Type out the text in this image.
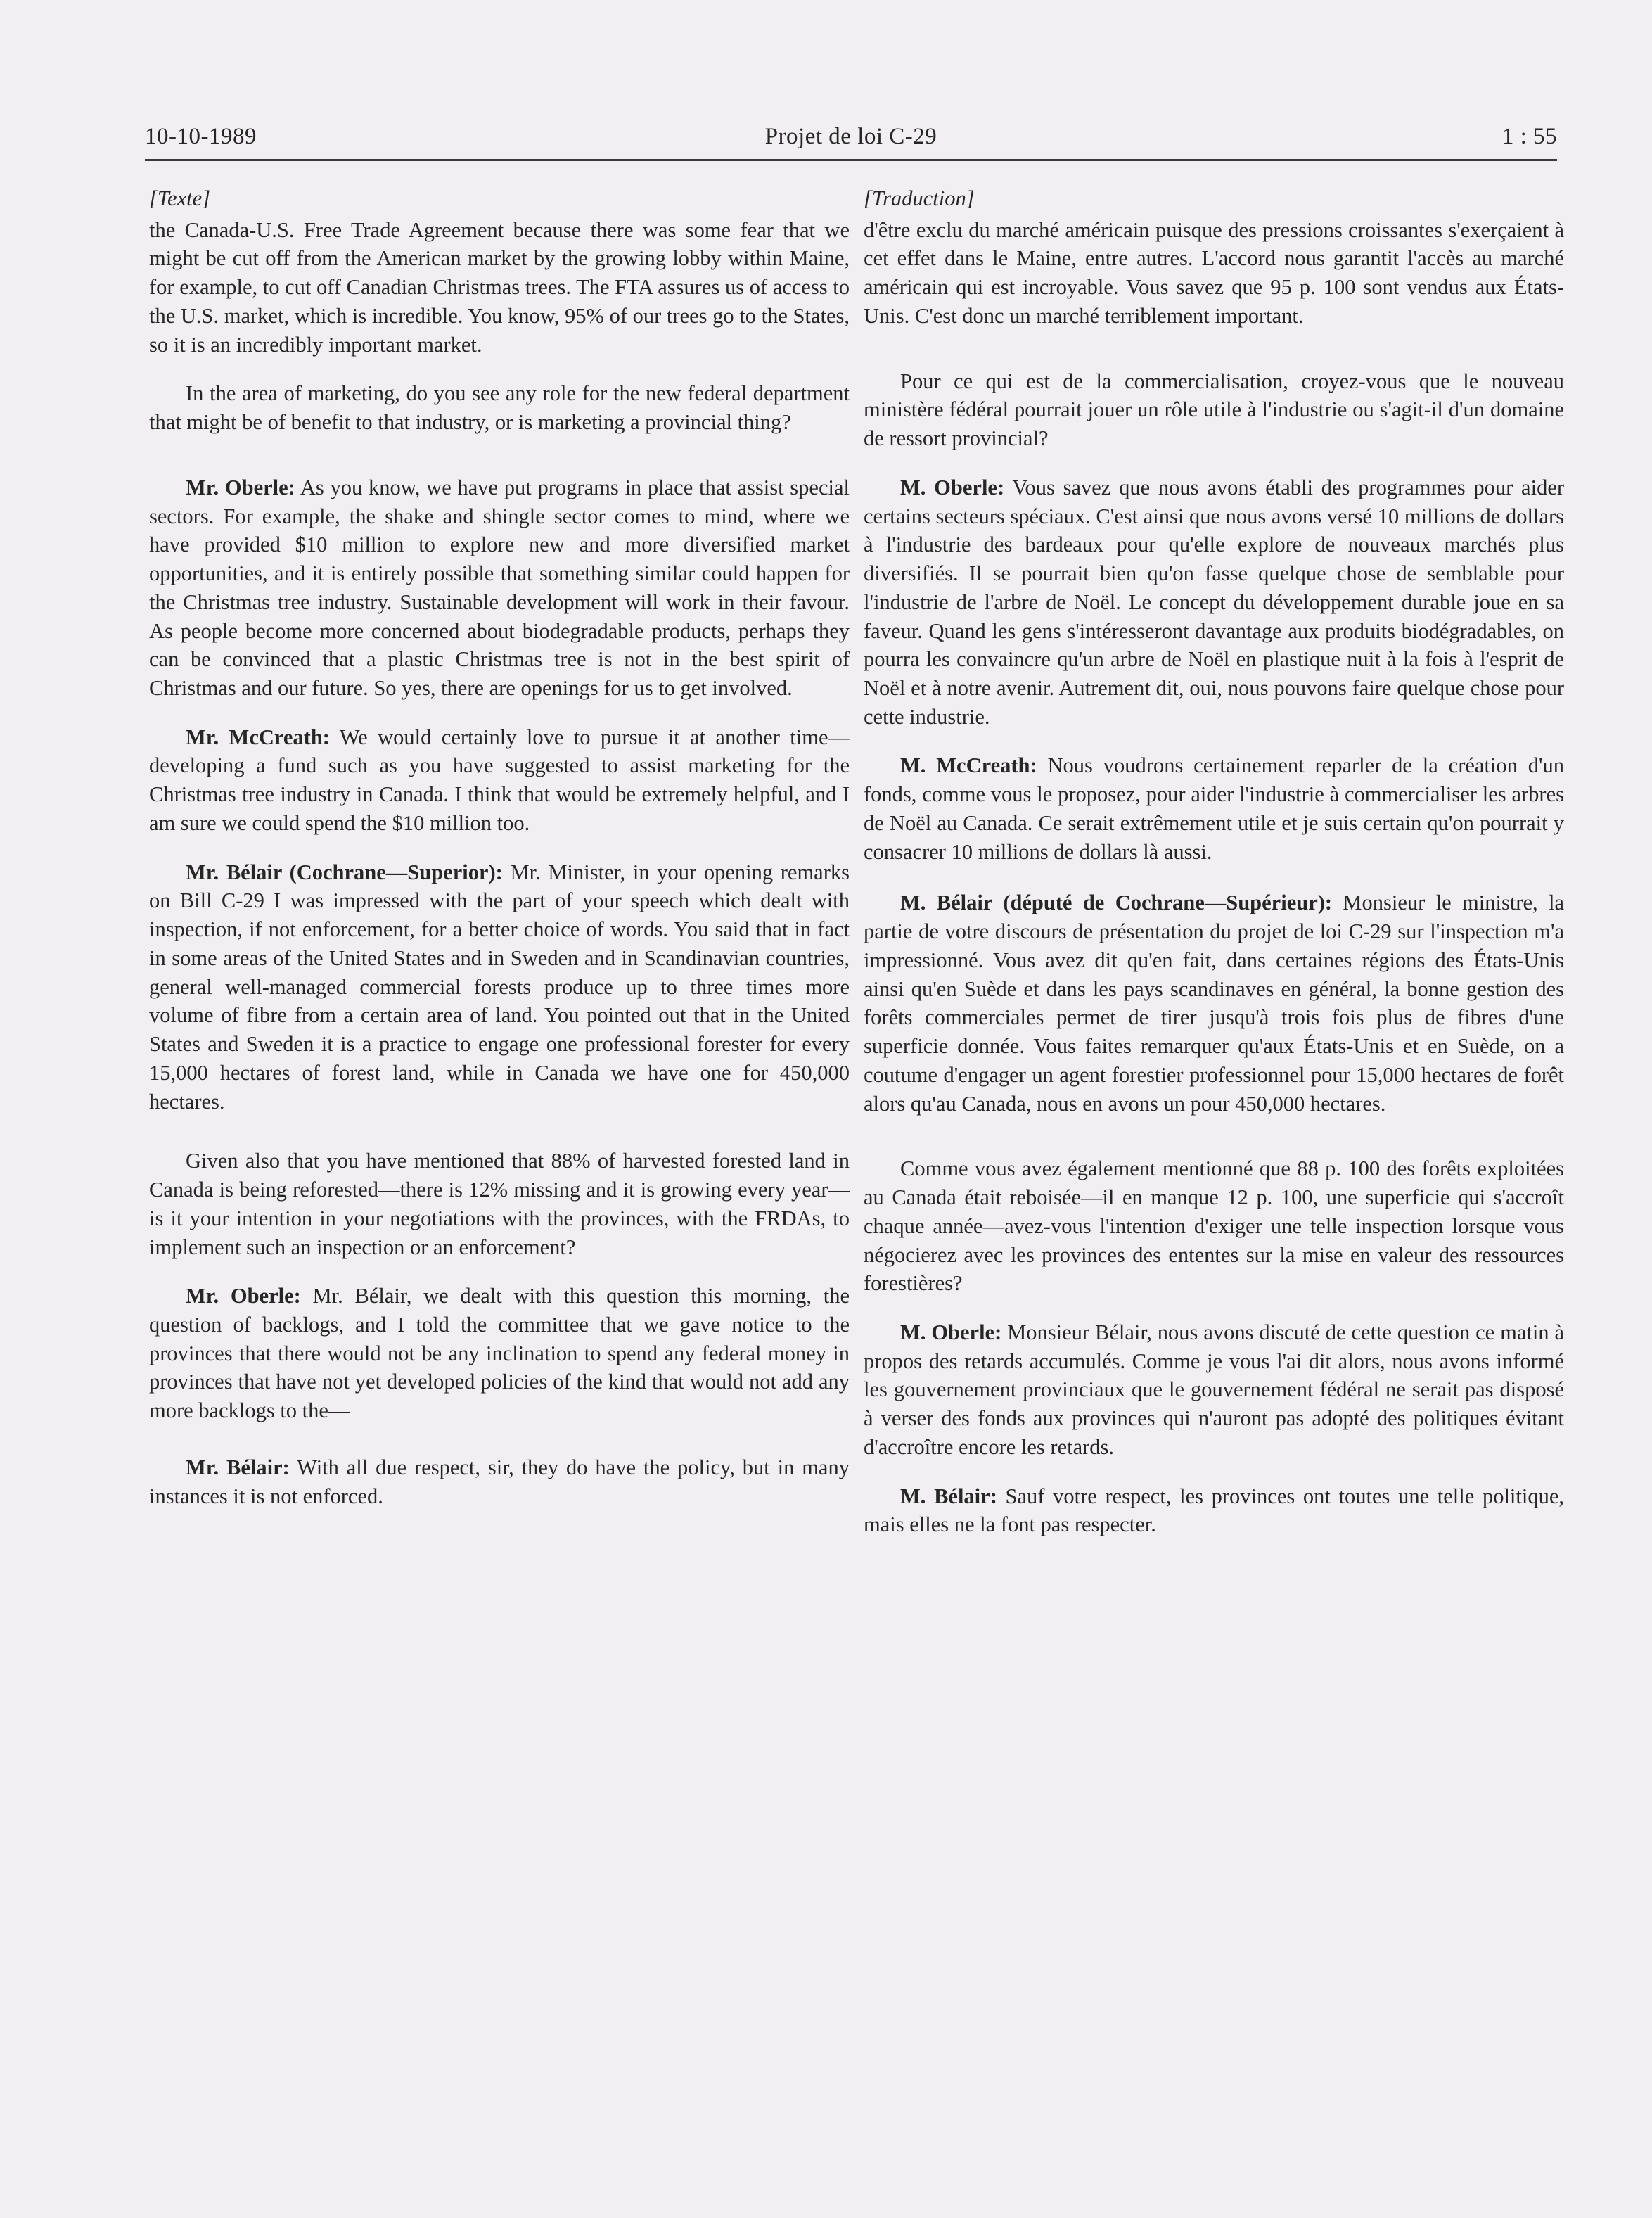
10-10-1989	Projet de loi C-29	1 : 55

[Texte]

the Canada-U.S. Free Trade Agreement because there was some fear that we might be cut off from the American market by the growing lobby within Maine, for example, to cut off Canadian Christmas trees. The FTA assures us of access to the U.S. market, which is incredible. You know, 95% of our trees go to the States, so it is an incredibly important market.

In the area of marketing, do you see any role for the new federal department that might be of benefit to that industry, or is marketing a provincial thing?

Mr. Oberle: As you know, we have put programs in place that assist special sectors. For example, the shake and shingle sector comes to mind, where we have provided $10 million to explore new and more diversified market opportunities, and it is entirely possible that something similar could happen for the Christmas tree industry. Sustainable development will work in their favour. As people become more concerned about biodegradable products, perhaps they can be convinced that a plastic Christmas tree is not in the best spirit of Christmas and our future. So yes, there are openings for us to get involved.

Mr. McCreath: We would certainly love to pursue it at another time—developing a fund such as you have suggested to assist marketing for the Christmas tree industry in Canada. I think that would be extremely helpful, and I am sure we could spend the $10 million too.

Mr. Bélair (Cochrane—Superior): Mr. Minister, in your opening remarks on Bill C-29 I was impressed with the part of your speech which dealt with inspection, if not enforcement, for a better choice of words. You said that in fact in some areas of the United States and in Sweden and in Scandinavian countries, general well-managed commercial forests produce up to three times more volume of fibre from a certain area of land. You pointed out that in the United States and Sweden it is a practice to engage one professional forester for every 15,000 hectares of forest land, while in Canada we have one for 450,000 hectares.

Given also that you have mentioned that 88% of harvested forested land in Canada is being reforested—there is 12% missing and it is growing every year—is it your intention in your negotiations with the provinces, with the FRDAs, to implement such an inspection or an enforcement?

Mr. Oberle: Mr. Bélair, we dealt with this question this morning, the question of backlogs, and I told the committee that we gave notice to the provinces that there would not be any inclination to spend any federal money in provinces that have not yet developed policies of the kind that would not add any more backlogs to the—

Mr. Bélair: With all due respect, sir, they do have the policy, but in many instances it is not enforced.

[Traduction]

d'être exclu du marché américain puisque des pressions croissantes s'exerçaient à cet effet dans le Maine, entre autres. L'accord nous garantit l'accès au marché américain qui est incroyable. Vous savez que 95 p. 100 sont vendus aux États-Unis. C'est donc un marché terriblement important.

Pour ce qui est de la commercialisation, croyez-vous que le nouveau ministère fédéral pourrait jouer un rôle utile à l'industrie ou s'agit-il d'un domaine de ressort provincial?

M. Oberle: Vous savez que nous avons établi des programmes pour aider certains secteurs spéciaux. C'est ainsi que nous avons versé 10 millions de dollars à l'industrie des bardeaux pour qu'elle explore de nouveaux marchés plus diversifiés. Il se pourrait bien qu'on fasse quelque chose de semblable pour l'industrie de l'arbre de Noël. Le concept du développement durable joue en sa faveur. Quand les gens s'intéresseront davantage aux produits biodégradables, on pourra les convaincre qu'un arbre de Noël en plastique nuit à la fois à l'esprit de Noël et à notre avenir. Autrement dit, oui, nous pouvons faire quelque chose pour cette industrie.

M. McCreath: Nous voudrons certainement reparler de la création d'un fonds, comme vous le proposez, pour aider l'industrie à commercialiser les arbres de Noël au Canada. Ce serait extrêmement utile et je suis certain qu'on pourrait y consacrer 10 millions de dollars là aussi.

M. Bélair (député de Cochrane—Supérieur): Monsieur le ministre, la partie de votre discours de présentation du projet de loi C-29 sur l'inspection m'a impressionné. Vous avez dit qu'en fait, dans certaines régions des États-Unis ainsi qu'en Suède et dans les pays scandinaves en général, la bonne gestion des forêts commerciales permet de tirer jusqu'à trois fois plus de fibres d'une superficie donnée. Vous faites remarquer qu'aux États-Unis et en Suède, on a coutume d'engager un agent forestier professionnel pour 15,000 hectares de forêt alors qu'au Canada, nous en avons un pour 450,000 hectares.

Comme vous avez également mentionné que 88 p. 100 des forêts exploitées au Canada était reboisée—il en manque 12 p. 100, une superficie qui s'accroît chaque année—avez-vous l'intention d'exiger une telle inspection lorsque vous négocierez avec les provinces des ententes sur la mise en valeur des ressources forestières?

M. Oberle: Monsieur Bélair, nous avons discuté de cette question ce matin à propos des retards accumulés. Comme je vous l'ai dit alors, nous avons informé les gouvernement provinciaux que le gouvernement fédéral ne serait pas disposé à verser des fonds aux provinces qui n'auront pas adopté des politiques évitant d'accroître encore les retards.

M. Bélair: Sauf votre respect, les provinces ont toutes une telle politique, mais elles ne la font pas respecter.
